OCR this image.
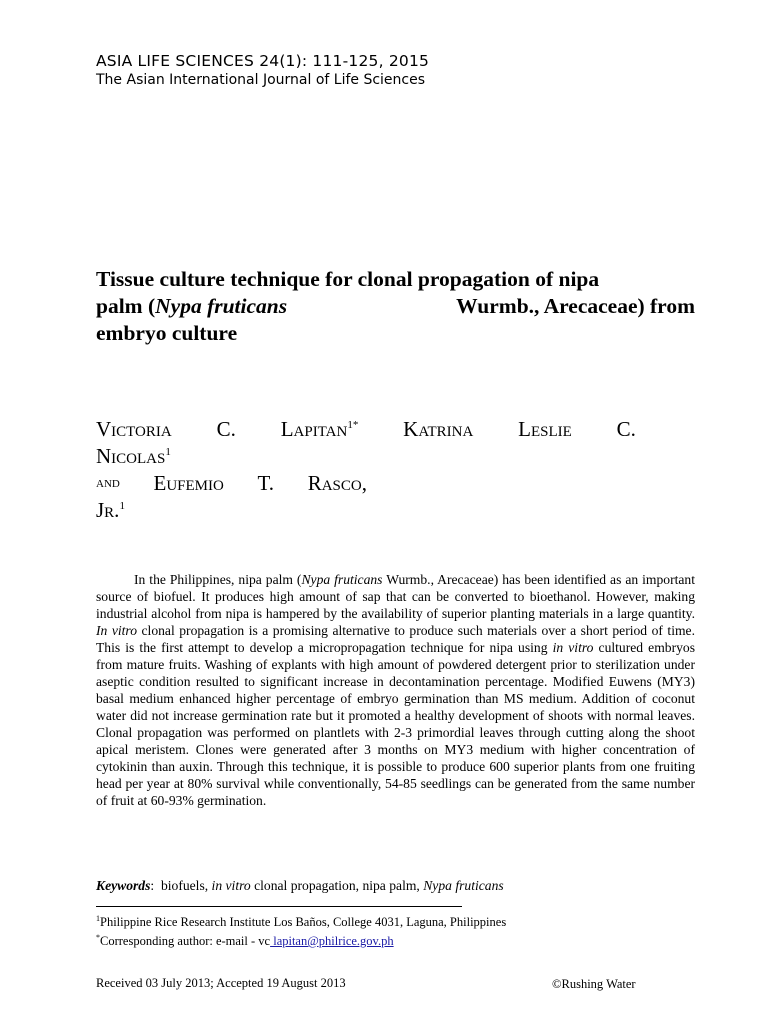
ASIA LIFE SCIENCES 24(1): 111-125, 2015
The Asian International Journal of Life Sciences
Tissue culture technique for clonal propagation of nipa
palm (Nypa fruticans	Wurmb., Arecaceae) from
embryo culture
Victoria C. Lapitan$^{1*}$ Katrina Leslie C.
Nicolas$^1$
and Eufemio T. Rasco,
Jr.$^1$

In the Philippines, nipa palm (Nypa fruticans Wurmb., Arecaceae) has been identified as an important source of biofuel. It produces high amount of sap that can be converted to bioethanol. However, making industrial alcohol from nipa is hampered by the availability of superior planting materials in a large quantity. In vitro clonal propagation is a promising alternative to produce such materials over a short period of time. This is the first attempt to develop a micropropagation technique for nipa using in vitro cultured embryos from mature fruits. Washing of explants with high amount of powdered detergent prior to sterilization under aseptic condition resulted to significant increase in decontamination percentage. Modified Euwens (MY3) basal medium enhanced higher percentage of embryo germination than MS medium. Addition of coconut water did not increase germination rate but it promoted a healthy development of shoots with normal leaves. Clonal propagation was performed on plantlets with 2-3 primordial leaves through cutting along the shoot apical meristem. Clones were generated after 3 months on MY3 medium with higher concentration of cytokinin than auxin. Through this technique, it is possible to produce 600 superior plants from one fruiting head per year at 80% survival while conventionally, 54-85 seedlings can be generated from the same number of fruit at 60-93% germination.

Keywords:  biofuels, in vitro clonal propagation, nipa palm, Nypa fruticans
$^1$Philippine Rice Research Institute Los Baños, College 4031, Laguna, Philippines
*Corresponding author: e-mail - vc lapitan@philrice.gov.ph
Received 03 July 2013; Accepted 19 August 2013	©Rushing Water
